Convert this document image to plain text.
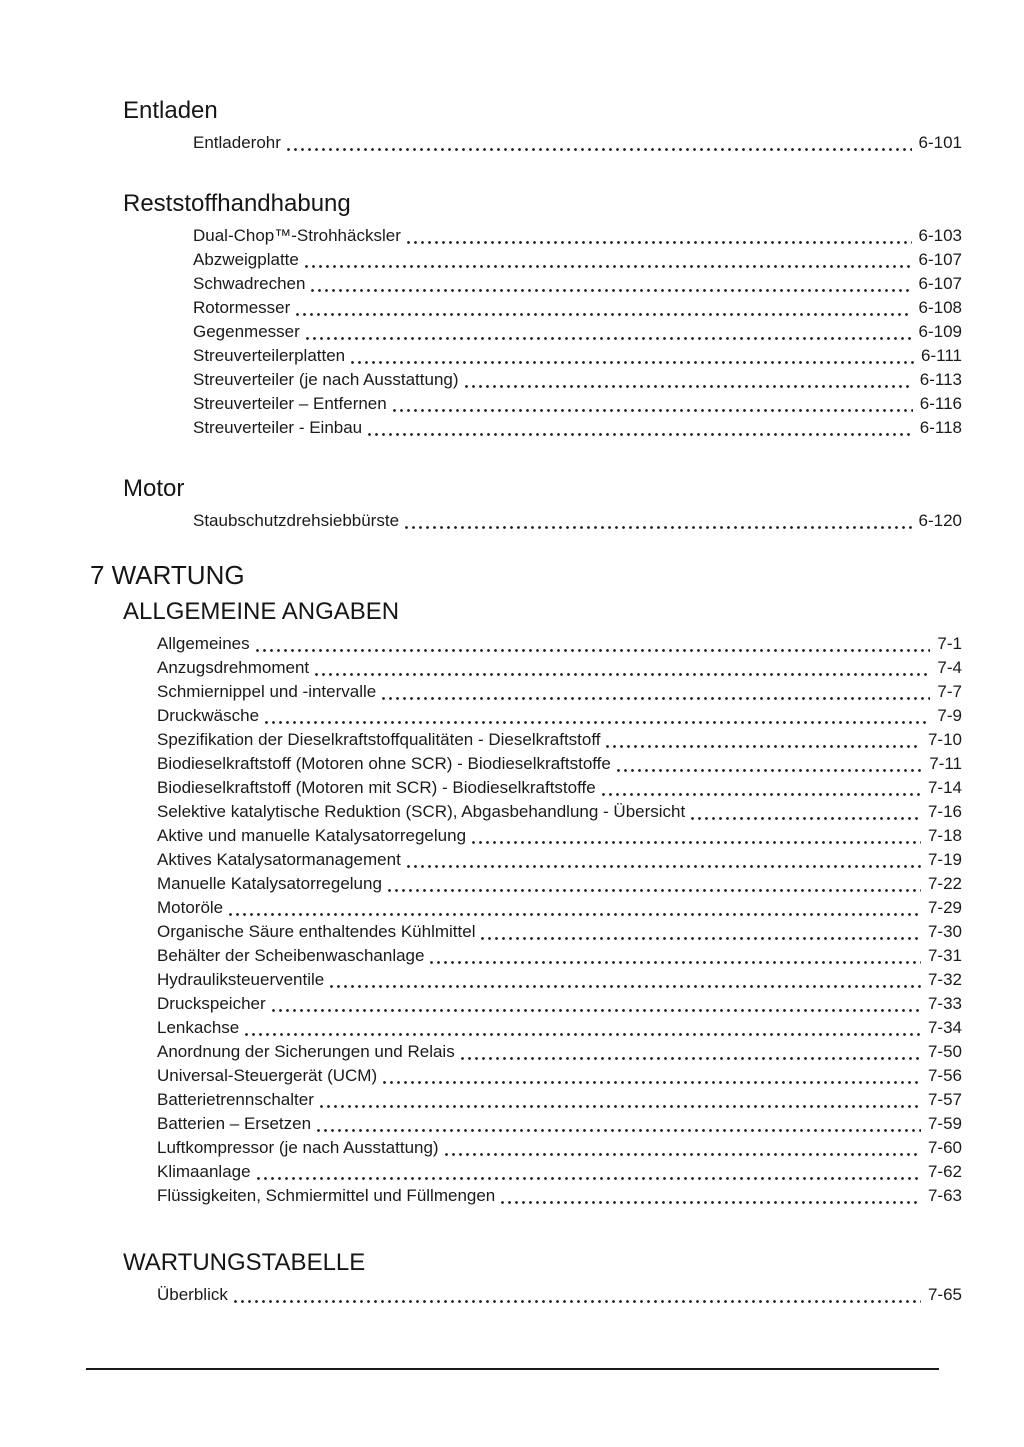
Entladen
Entladerohr	6-101
Reststoffhandhabung
Dual-Chop™-Strohhäcksler	6-103
Abzweigplatte	6-107
Schwadrechen	6-107
Rotormesser	6-108
Gegenmesser	6-109
Streuverteilerplatten	6-111
Streuverteiler (je nach Ausstattung)	6-113
Streuverteiler – Entfernen	6-116
Streuverteiler - Einbau	6-118
Motor
Staubschutzdrehsiebbürste	6-120
7 WARTUNG
ALLGEMEINE ANGABEN
Allgemeines	7-1
Anzugsdrehmoment	7-4
Schmiernippel und -intervalle	7-7
Druckwäsche	7-9
Spezifikation der Dieselkraftstoffqualitäten - Dieselkraftstoff	7-10
Biodieselkraftstoff (Motoren ohne SCR) - Biodieselkraftstoffe	7-11
Biodieselkraftstoff (Motoren mit SCR) - Biodieselkraftstoffe	7-14
Selektive katalytische Reduktion (SCR), Abgasbehandlung - Übersicht	7-16
Aktive und manuelle Katalysatorregelung	7-18
Aktives Katalysatormanagement	7-19
Manuelle Katalysatorregelung	7-22
Motoröle	7-29
Organische Säure enthaltendes Kühlmittel	7-30
Behälter der Scheibenwaschanlage	7-31
Hydrauliksteuerventile	7-32
Druckspeicher	7-33
Lenkachse	7-34
Anordnung der Sicherungen und Relais	7-50
Universal-Steuergerät (UCM)	7-56
Batterietrennschalter	7-57
Batterien – Ersetzen	7-59
Luftkompressor (je nach Ausstattung)	7-60
Klimaanlage	7-62
Flüssigkeiten, Schmiermittel und Füllmengen	7-63
WARTUNGSTABELLE
Überblick	7-65
